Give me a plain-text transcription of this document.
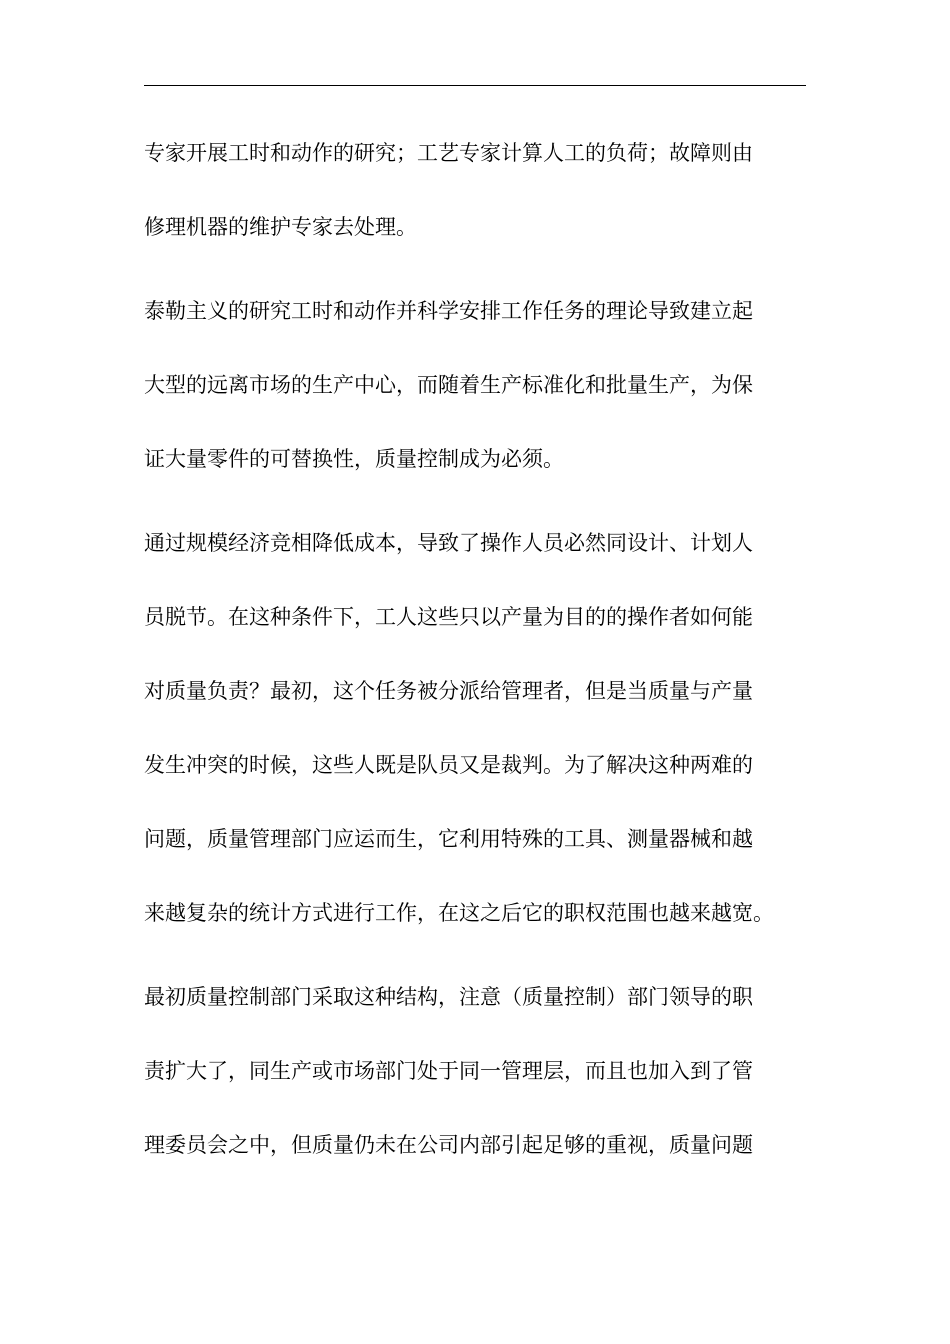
专家开展工时和动作的研究；工艺专家计算人工的负荷；故障则由

修理机器的维护专家去处理。

泰勒主义的研究工时和动作并科学安排工作任务的理论导致建立起

大型的远离市场的生产中心，而随着生产标准化和批量生产，为保

证大量零件的可替换性，质量控制成为必须。

通过规模经济竞相降低成本，导致了操作人员必然同设计、计划人

员脱节。在这种条件下，工人这些只以产量为目的的操作者如何能

对质量负责？最初，这个任务被分派给管理者，但是当质量与产量

发生冲突的时候，这些人既是队员又是裁判。为了解决这种两难的

问题，质量管理部门应运而生，它利用特殊的工具、测量器械和越

来越复杂的统计方式进行工作，在这之后它的职权范围也越来越宽。

最初质量控制部门采取这种结构，注意（质量控制）部门领导的职

责扩大了，同生产或市场部门处于同一管理层，而且也加入到了管

理委员会之中，但质量仍未在公司内部引起足够的重视，质量问题
